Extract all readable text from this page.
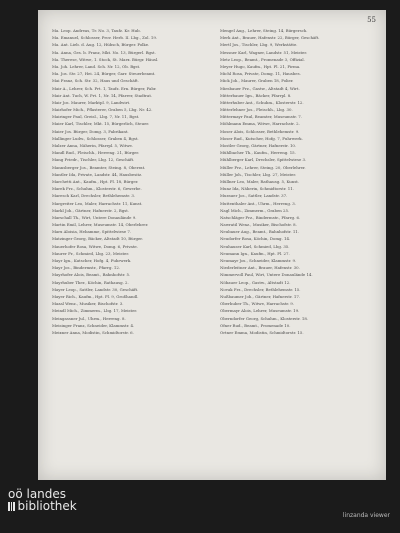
55

Ma. Leop. Andreas, Tr. No. 3, Taufz. Kr. Hub.

Ma. Emanuel, Schlosser, Prov. Herb. II. Lbg., Zol. 19.

Ma. Ant. Lieb. d. Aug. 12, Hübsch, Bürger. Polke.

Ma. Anna, Ges. b. Franz, Mkt. No. 13, Bürgerl. Bgst.

Ma. Therese, Witwe, 1. Stock, St. Marx. Bürgr. Häusl.

Ma. Joh. Lehrer, Land. Sch. Nr. 12, Ob. Bgst.

Ma. Jos. Str. 27, Hei. 24, Bürger, Garr. Steuerbeamt.

Mai Franz, Sch. Str. 32, Haus und Geschäft.

Mair A., Lehrer, Sch. Prt. 1, Taufz. Ern. Bürger, Fabr.

Mair Ant. Tuch, W. Prt. 1, Nr. 14, Pfarrer, Stadtrat.

Mair Jos. Maurer, Marktpl. 9, Landwirt.

Mairhofer Mich., Pflasterer, Graben 5, Lbg. Nr. 42.

Mairinger Paul, Greisl., Lbg. 7, Nr. 11, Bgst.

Maier Karl, Tischler, Mkt. 15, Bürgerlich, Steuer.

Maier Jos. Bürger, Domg. 3, Fabrikant.

Mallinger Ludw., Schlosser, Graben 4, Bgst.

Malzer Anna, Näherin, Pfarrpl. 5, Witwe.

Mandl Rud., Fleischh., Herreng. 21, Bürger.

Mang Friedr., Tischler, Lbg. 12, Geschäft.

Mannsberger Jos., Beamter, Steing. 8, Oberrat.

Mantler Ida, Private, Landstr. 44, Hausbesitz.

Marchetti Ant., Kaufm., Hpt. Pl. 18, Bürger.

Marek Frz., Schuhm., Klosterstr. 6, Gewerbe.

Maresch Karl, Drechsler, Bethlehemstr. 3.

Margreiter Leo, Maler, Harrachstr. 11, Kunst.

Markl Joh., Gärtner, Hafnerstr. 2, Bgst.

Marschall Th., Wirt, Untere Donaulände 9.

Martin Emil, Lehrer, Museumstr. 14, Oberlehrer.

Marx Aloisia, Hebamme, Spittelwiese 7.

Matzinger Georg, Bäcker, Altstadt 10, Bürger.

Mauerhofer Rosa, Witwe, Domg. 6, Private.

Maurer Fr., Schmied, Lbg. 23, Meister.

Mayr Ign., Kutscher, Hofg. 4, Fuhrwerk.

Mayr Jos., Bindermstr., Pfarrg. 12.

Mayrhofer Alois, Beamt., Bahnhofstr. 5.

Mayrhuber Ther., Köchin, Rathausg. 2.

Mayer Leop., Sattler, Landstr. 30, Geschäft.

Mayer Rich., Kaufm., Hpt. Pl. 9, Großhandl.

Mazal Wenz., Musiker, Bischofstr. 3.

Meindl Mich., Zimmerm., Lbg. 17, Meister.

Meingassner Jul., Uhrm., Herreng. 8.

Meisinger Franz, Schneider, Klammstr. 4.

Meixner Anna, Modistin, Schmidtorstr. 6.

Mengel Aug., Lehrer, Steing. 14, Bürgersch.

Merk Ant., Brauer, Hafenstr. 22, Bürger, Geschäft.

Mertl Jos., Tischler, Lbg. 9, Werkstätte.

Messner Karl, Wagner, Landstr. 51, Meister.

Metz Leop., Beamt., Promenade 3, Offizial.

Meyer Hugo, Kaufm., Hpt. Pl. 21, Firma.

Michl Rosa, Private, Domg. 11, Hausbes.

Mick Joh., Maurer, Graben 18, Polier.

Miesbauer Frz., Gastw., Altstadt 4, Wirt.

Mitterbauer Ign., Bäcker, Pfarrpl. 8.

Mitterhuber Ant., Schuhm., Klosterstr. 12.

Mitterlehner Jos., Fleischh., Lbg. 30.

Mittermayr Paul, Beamter, Museumstr. 7.

Möhlmann Emma, Witwe, Harrachstr. 2.

Moser Alois, Schlosser, Bethlehemstr. 9.

Moser Rud., Kutscher, Hofg. 7, Fuhrwerk.

Mostler Georg, Gärtner, Hafnerstr. 10.

Mühlbacher Th., Kaufm., Herreng. 15.

Mühlberger Karl, Drechsler, Spittelwiese 3.

Müller Frz., Lehrer, Steing. 20, Oberlehrer.

Müller Joh., Tischler, Lbg. 27, Meister.

Müllner Leo, Maler, Rathausg. 5, Kunst.

Munz Ida, Näherin, Schmidtorstr. 11.

Murauer Jos., Sattler, Landstr. 37.

Muttenthaler Ant., Uhrm., Herreng. 3.

Nagl Mich., Zimmerm., Graben 25.

Natschläger Frz., Bindermstr., Pfarrg. 6.

Nawratil Wenz., Musiker, Bischofstr. 8.

Neubauer Aug., Beamt., Bahnhofstr. 11.

Neudorfer Rosa, Köchin, Domg. 14.

Neuhauser Karl, Schmied, Lbg. 35.

Neumann Ign., Kaufm., Hpt. Pl. 27.

Neumayr Jos., Schneider, Klammstr. 9.

Niederleitner Ant., Brauer, Hafenstr. 30.

Nimmervoll Paul, Wirt, Untere Donaulände 14.

Nöbauer Leop., Gastw., Altstadt 12.

Novak Frz., Drechsler, Bethlehemstr. 15.

Nußbaumer Joh., Gärtner, Hafnerstr. 17.

Oberhuber Th., Witwe, Harrachstr. 9.

Obermayr Alois, Lehrer, Museumstr. 19.

Oberndorfer Georg, Schuhm., Klosterstr. 18.

Ofner Rud., Beamt., Promenade 10.

Ortner Emma, Modistin, Schmidtorstr. 15.

oö landes
bibliothek
linzanda viewer
